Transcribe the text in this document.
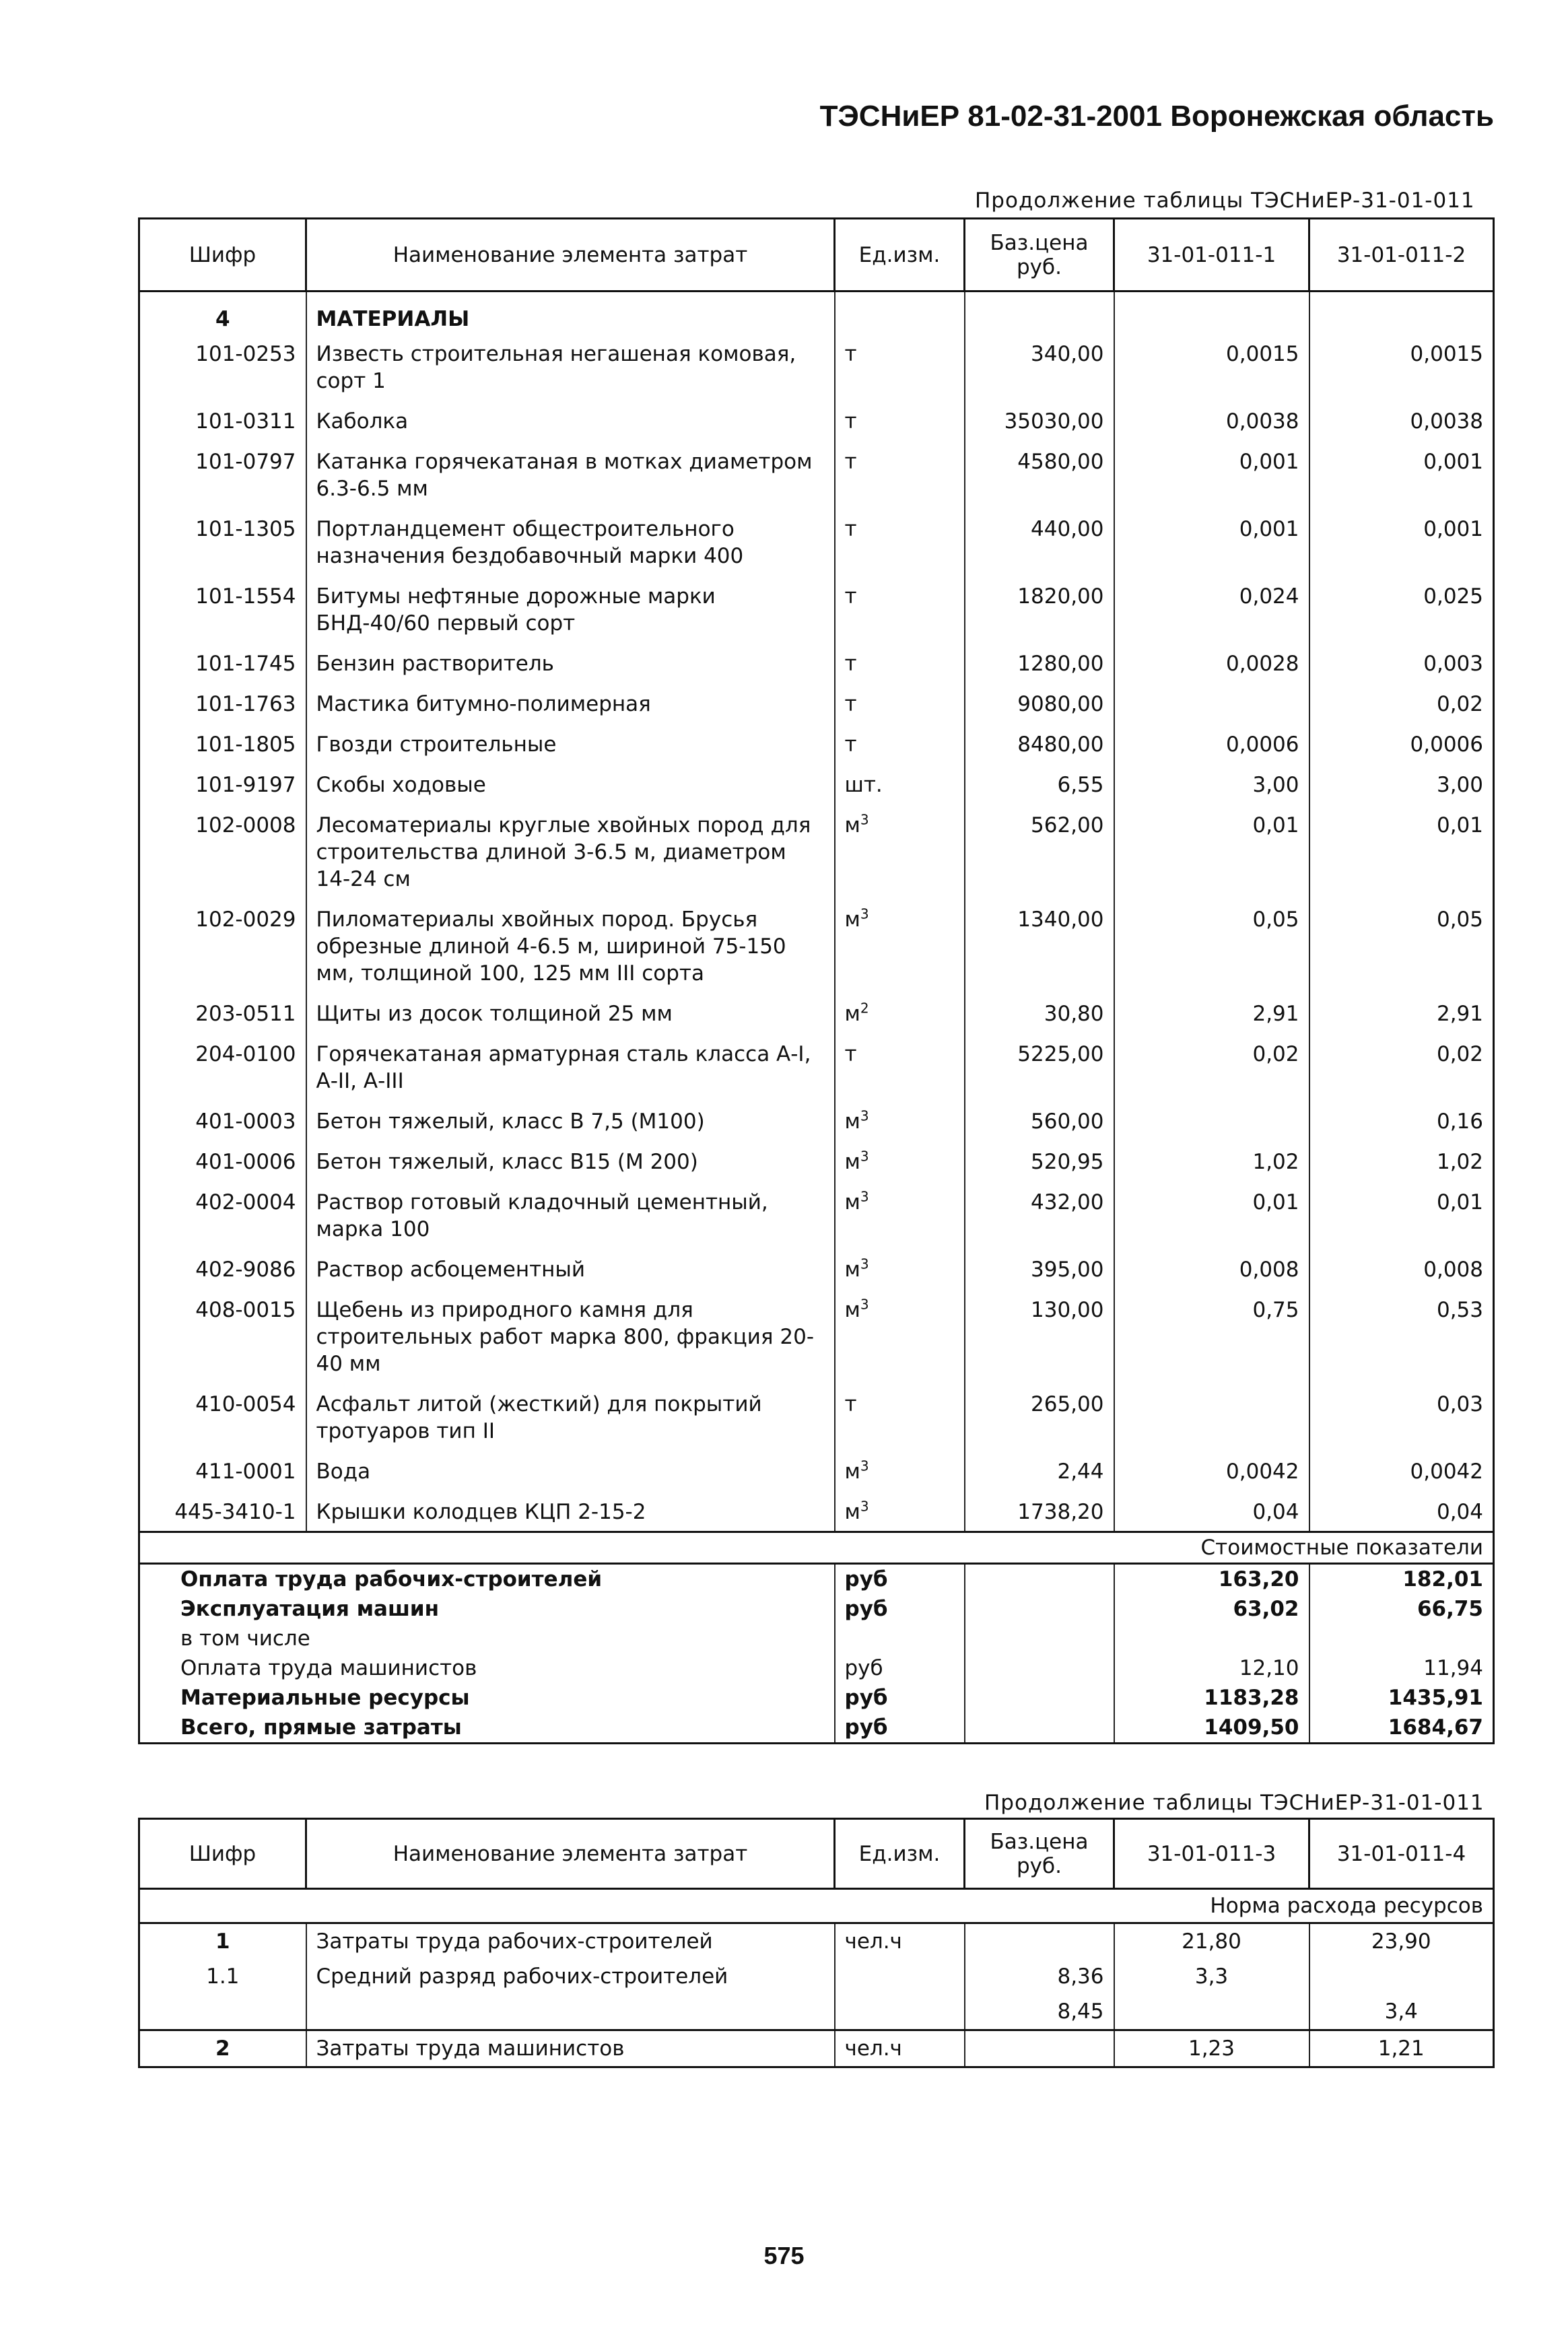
ТЭСНиЕР 81-02-31-2001 Воронежская область
Продолжение таблицы ТЭСНиЕР-31-01-011
Шифр	Наименование элемента затрат	Ед.изм.	Баз.цена руб.	31-01-011-1	31-01-011-2
4	МАТЕРИАЛЫ				
101-0253	Известь строительная негашеная комовая, сорт 1	т	340,00	0,0015	0,0015
101-0311	Каболка	т	35030,00	0,0038	0,0038
101-0797	Катанка горячекатаная в мотках диаметром 6.3-6.5 мм	т	4580,00	0,001	0,001
101-1305	Портландцемент общестроительного назначения бездобавочный марки 400	т	440,00	0,001	0,001
101-1554	Битумы нефтяные дорожные марки БНД-40/60 первый сорт	т	1820,00	0,024	0,025
101-1745	Бензин растворитель	т	1280,00	0,0028	0,003
101-1763	Мастика битумно-полимерная	т	9080,00		0,02
101-1805	Гвозди строительные	т	8480,00	0,0006	0,0006
101-9197	Скобы ходовые	шт.	6,55	3,00	3,00
102-0008	Лесоматериалы круглые хвойных пород для строительства длиной 3-6.5 м, диаметром 14-24 см	$м^3$	562,00	0,01	0,01
102-0029	Пиломатериалы хвойных пород. Брусья обрезные длиной 4-6.5 м, шириной 75-150 мм, толщиной 100, 125 мм III сорта	$м^3$	1340,00	0,05	0,05
203-0511	Щиты из досок толщиной 25 мм	$м^2$	30,80	2,91	2,91
204-0100	Горячекатаная арматурная сталь класса А-I, А-II, А-III	т	5225,00	0,02	0,02
401-0003	Бетон тяжелый, класс В 7,5 (М100)	$м^3$	560,00		0,16
401-0006	Бетон тяжелый, класс В15 (М 200)	$м^3$	520,95	1,02	1,02
402-0004	Раствор готовый кладочный цементный, марка 100	$м^3$	432,00	0,01	0,01
402-9086	Раствор асбоцементный	$м^3$	395,00	0,008	0,008
408-0015	Щебень из природного камня для строительных работ марка 800, фракция 20-40 мм	$м^3$	130,00	0,75	0,53
410-0054	Асфальт литой (жесткий) для покрытий тротуаров тип II	т	265,00		0,03
411-0001	Вода	$м^3$	2,44	0,0042	0,0042
445-3410-1	Крышки колодцев КЦП 2-15-2	$м^3$	1738,20	0,04	0,04
Стоимостные показатели					
Оплата труда рабочих-строителей		руб		163,20	182,01
Эксплуатация машин		руб		63,02	66,75
в том числе					
Оплата труда машинистов		руб		12,10	11,94
Материальные ресурсы		руб		1183,28	1435,91
Всего, прямые затраты		руб		1409,50	1684,67
Продолжение таблицы ТЭСНиЕР-31-01-011
Шифр	Наименование элемента затрат	Ед.изм.	Баз.цена руб.	31-01-011-3	31-01-011-4
Норма расхода ресурсов					
1	Затраты труда рабочих-строителей	чел.ч		21,80	23,90
1.1	Средний разряд рабочих-строителей		8,36	3,3	
			8,45		3,4
2	Затраты труда машинистов	чел.ч		1,23	1,21
575
